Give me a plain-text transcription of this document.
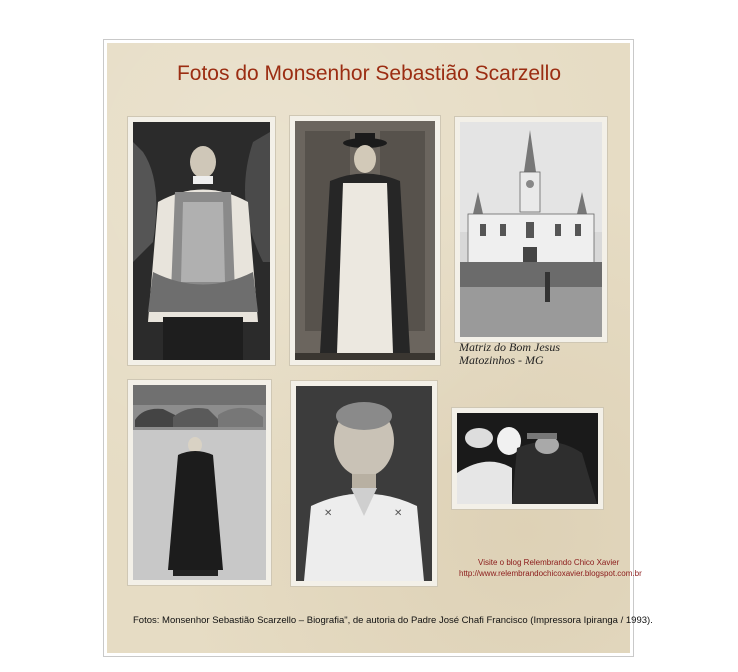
Fotos do Monsenhor Sebastião Scarzello
Matriz do Bom Jesus
Matozinhos - MG
✕	✕
Visite o blog Relembrando Chico Xavier
http://www.relembrandochicoxavier.blogspot.com.br
Fotos: Monsenhor Sebastião Scarzello – Biografia", de autoria do Padre José Chafi Francisco (Impressora Ipiranga / 1993).
